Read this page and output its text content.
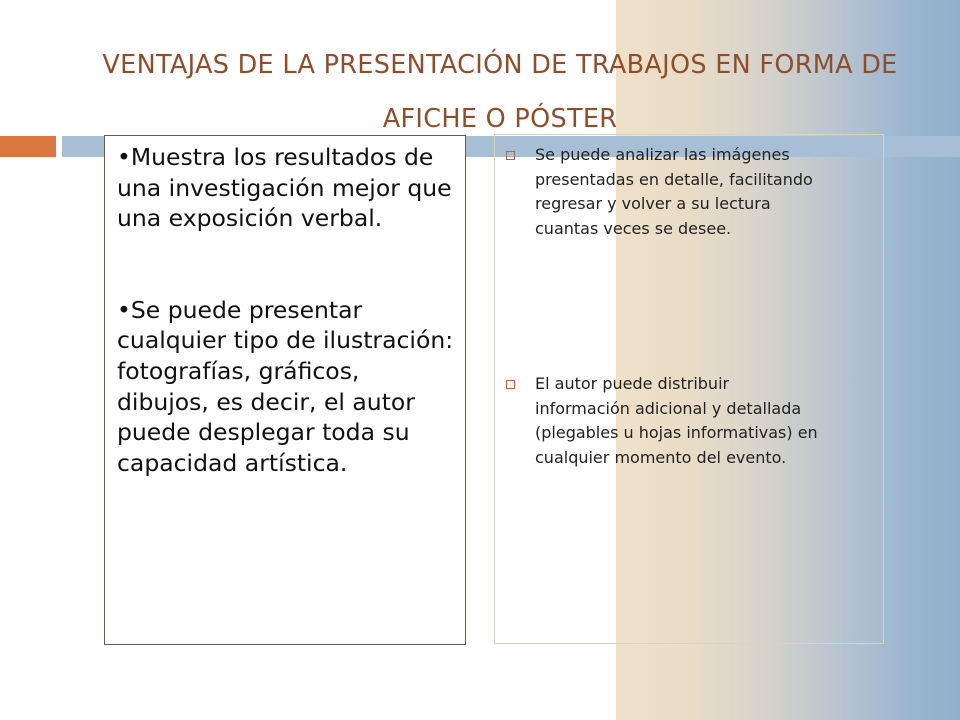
VENTAJAS DE LA PRESENTACIÓN DE TRABAJOS EN FORMA DE AFICHE O PÓSTER

•Muestra los resultados de una investigación mejor que una exposición verbal.

•Se puede presentar cualquier tipo de ilustración: fotografías, gráficos, dibujos, es decir, el autor puede desplegar toda su capacidad artística.

Se puede analizar las imágenes presentadas en detalle, facilitando regresar y volver a su lectura cuantas veces se desee.
El autor puede distribuir información adicional y detallada (plegables u hojas informativas) en cualquier momento del evento.
